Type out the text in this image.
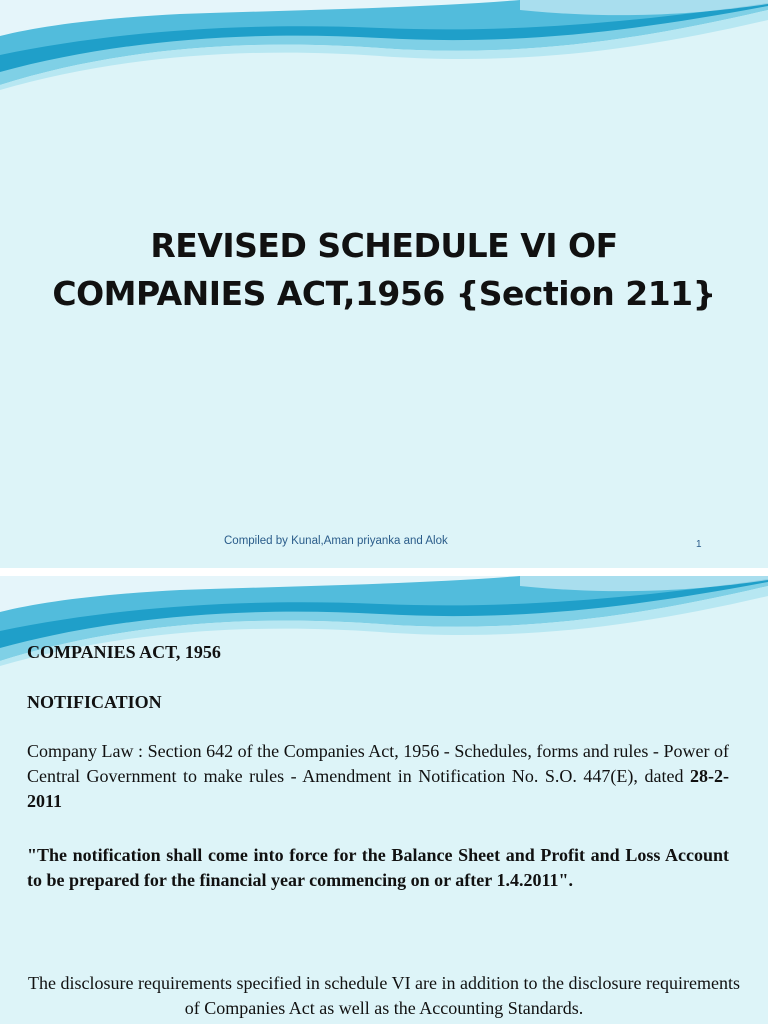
REVISED SCHEDULE VI OF
COMPANIES ACT,1956 {Section 211}
Compiled by Kunal,Aman priyanka and Alok	1
COMPANIES ACT, 1956
NOTIFICATION
Company Law : Section 642 of the Companies Act, 1956 - Schedules, forms and rules - Power of Central Government to make rules - Amendment in Notification No. S.O. 447(E), dated 28-2-2011
"The notification shall come into force for the Balance Sheet and Profit and Loss Account to be prepared for the financial year commencing on or after 1.4.2011".
The disclosure requirements specified in schedule VI are in addition to the disclosure requirements of Companies Act as well as the Accounting Standards.
